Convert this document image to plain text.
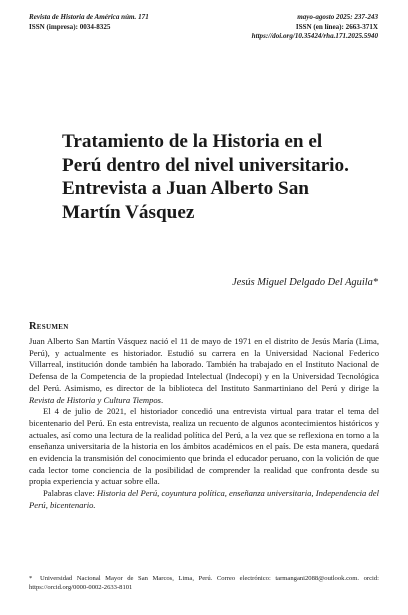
Revista de Historia de América núm. 171
ISSN (impresa): 0034-8325
mayo-agosto 2025: 237-243
ISSN (en línea): 2663-371X
https://doi.org/10.35424/rha.171.2025.5940
Tratamiento de la Historia en el
Perú dentro del nivel universitario.
Entrevista a Juan Alberto San
Martín Vásquez
Jesús Miguel Delgado Del Aguila*
Resumen

Juan Alberto San Martín Vásquez nació el 11 de mayo de 1971 en el distrito de Jesús María (Lima, Perú), y actualmente es historiador. Estudió su carrera en la Universidad Nacional Federico Villarreal, institución donde también ha laborado. También ha trabajado en el Instituto Nacional de Defensa de la Competencia de la propiedad Intelectual (Indecopi) y en la Universidad Tecnológica del Perú. Asimismo, es director de la biblioteca del Instituto Sanmartiniano del Perú y dirige la Revista de Historia y Cultura Tiempos.

El 4 de julio de 2021, el historiador concedió una entrevista virtual para tratar el tema del bicentenario del Perú. En esta entrevista, realiza un recuento de algunos acontecimientos históricos y actuales, así como una lectura de la realidad política del Perú, a la vez que se reflexiona en torno a la enseñanza universitaria de la historia en los ámbitos académicos en el país. De esta manera, quedará en evidencia la transmisión del conocimiento que brinda el educador peruano, con la volición de que cada lector tome conciencia de la posibilidad de comprender la realidad que confronta desde su propia experiencia y actuar sobre ella.

Palabras clave: Historia del Perú, coyuntura política, enseñanza universitaria, Independencia del Perú, bicentenario.

* Universidad Nacional Mayor de San Marcos, Lima, Perú. Correo electrónico: tarmangani2088@outlook.com. orcid: https://orcid.org/0000-0002-2633-8101
